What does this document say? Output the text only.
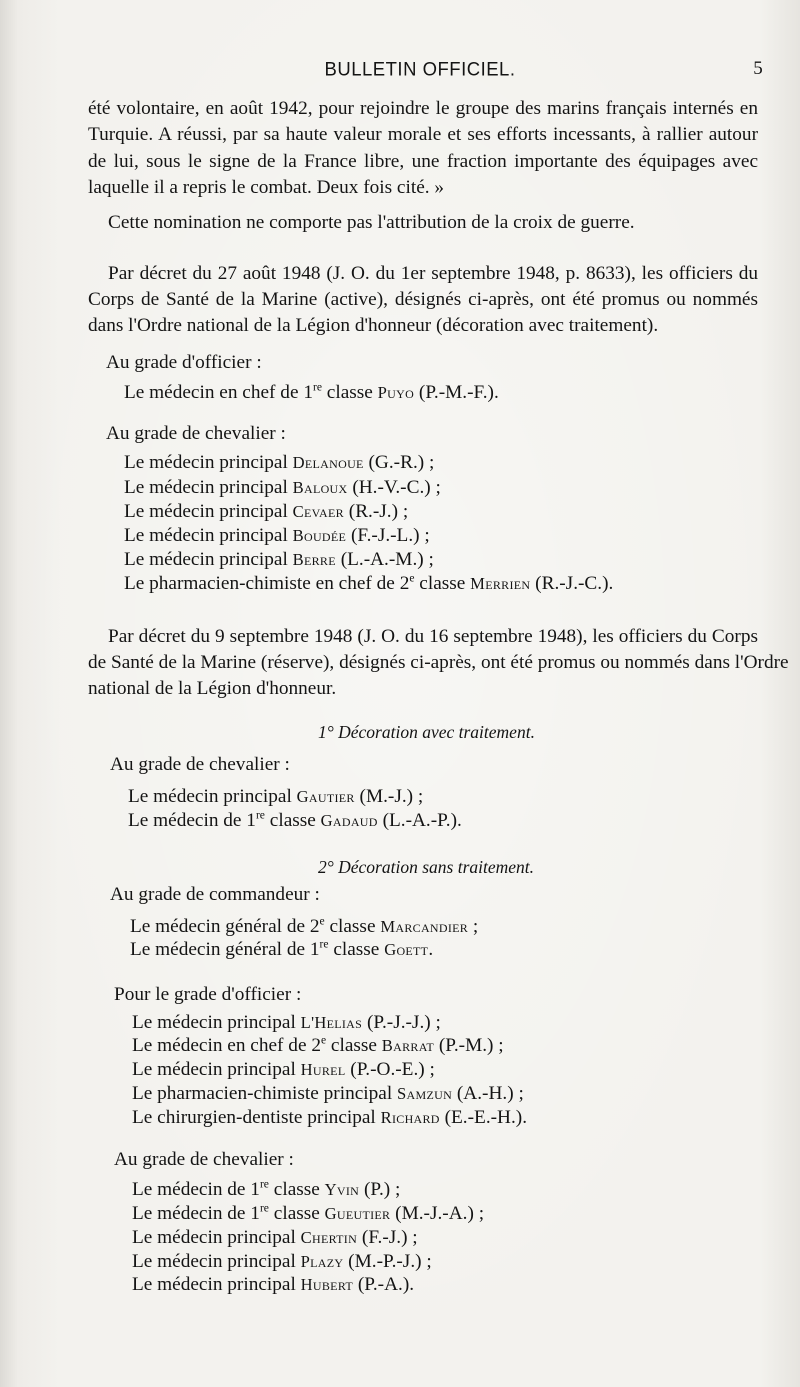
BULLETIN OFFICIEL.	5
été volontaire, en août 1942, pour rejoindre le groupe des marins français internés en
Turquie. A réussi, par sa haute valeur morale et ses efforts incessants, à rallier autour
de lui, sous le signe de la France libre, une fraction importante des équipages avec
laquelle il a repris le combat. Deux fois cité. »
Cette nomination ne comporte pas l'attribution de la croix de guerre.
Par décret du 27 août 1948 (J. O. du 1er septembre 1948, p. 8633), les officiers du
Corps de Santé de la Marine (active), désignés ci-après, ont été promus ou nommés
dans l'Ordre national de la Légion d'honneur (décoration avec traitement).
Par décret du 9 septembre 1948 (J. O. du 16 septembre 1948), les officiers du Corps
de Santé de la Marine (réserve), désignés ci-après, ont été promus ou nommés dans l'Ordre
national de la Légion d'honneur.
1° Décoration avec traitement.
2° Décoration sans traitement.
Au grade d'officier :
Le médecin en chef de 1re classe Puyo (P.-M.-F.).
Au grade de chevalier :
Le médecin principal Delanoue (G.-R.) ;
Le médecin principal Baloux (H.-V.-C.) ;
Le médecin principal Cevaer (R.-J.) ;
Le médecin principal Boudée (F.-J.-L.) ;
Le médecin principal Berre (L.-A.-M.) ;
Le pharmacien-chimiste en chef de 2e classe Merrien (R.-J.-C.).
Au grade de chevalier :
Le médecin principal Gautier (M.-J.) ;
Le médecin de 1re classe Gadaud (L.-A.-P.).
Au grade de commandeur :
Le médecin général de 2e classe Marcandier ;
Le médecin général de 1re classe Goett.
Pour le grade d'officier :
Le médecin principal L'Helias (P.-J.-J.) ;
Le médecin en chef de 2e classe Barrat (P.-M.) ;
Le médecin principal Hurel (P.-O.-E.) ;
Le pharmacien-chimiste principal Samzun (A.-H.) ;
Le chirurgien-dentiste principal Richard (E.-E.-H.).
Au grade de chevalier :
Le médecin de 1re classe Yvin (P.) ;
Le médecin de 1re classe Gueutier (M.-J.-A.) ;
Le médecin principal Chertin (F.-J.) ;
Le médecin principal Plazy (M.-P.-J.) ;
Le médecin principal Hubert (P.-A.).
